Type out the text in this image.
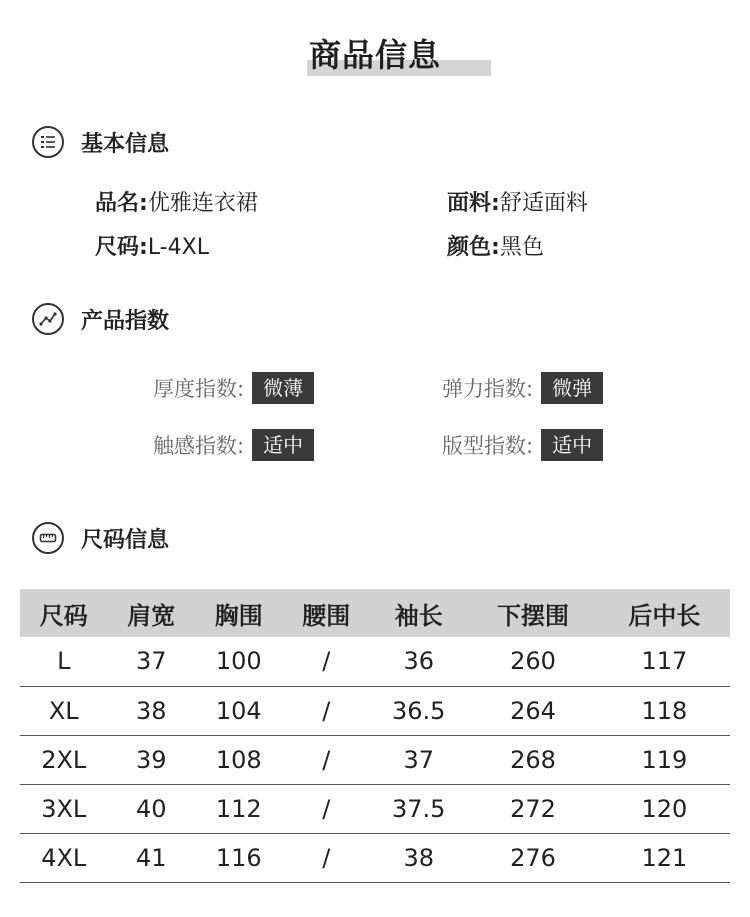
商品信息
基本信息
品名:优雅连衣裙	面料:舒适面料
尺码:L-4XL	颜色:黑色
产品指数
厚度指数: 微薄	弹力指数: 微弹
触感指数: 适中	版型指数: 适中
尺码信息
尺码	肩宽	胸围	腰围	袖长	下摆围	后中长
L	37	100	/	36	260	117
XL	38	104	/	36.5	264	118
2XL	39	108	/	37	268	119
3XL	40	112	/	37.5	272	120
4XL	41	116	/	38	276	121
